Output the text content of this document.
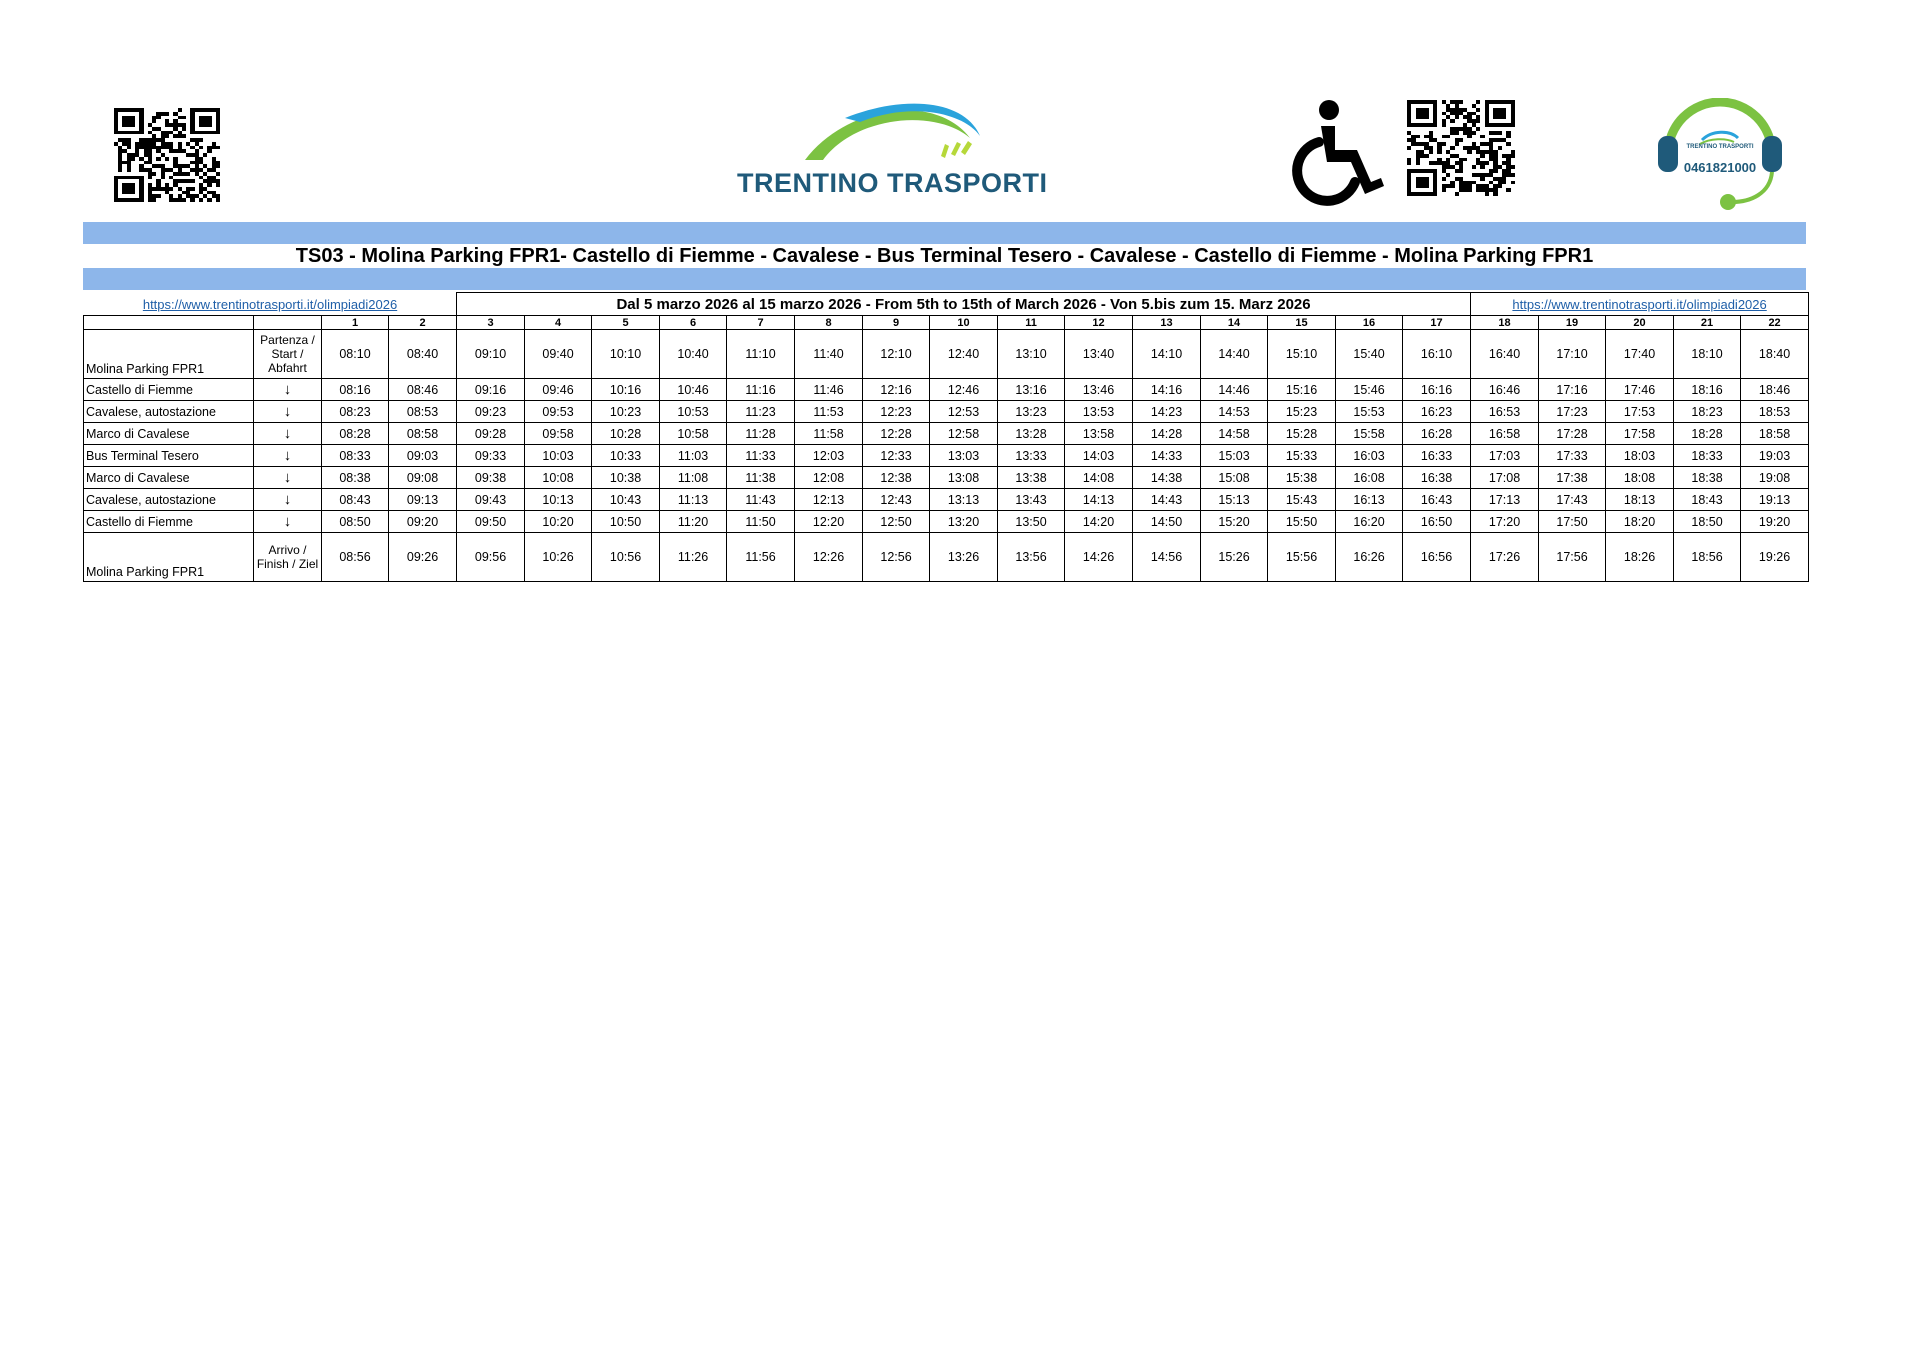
TRENTINO TRASPORTI
TRENTINO TRASPORTI
0461821000
TS03 - Molina Parking FPR1- Castello di Fiemme - Cavalese - Bus Terminal Tesero - Cavalese - Castello di Fiemme - Molina Parking FPR1
https://www.trentinotrasporti.it/olimpiadi2026				Dal 5 marzo 2026 al 15 marzo 2026 - From 5th to 15th of March 2026 - Von 5.bis zum 15. Marz 2026															https://www.trentinotrasporti.it/olimpiadi2026				
		1	2	3	4	5	6	7	8	9	10	11	12	13	14	15	16	17	18	19	20	21	22
Molina Parking FPR1	Partenza / Start / Abfahrt	08:10	08:40	09:10	09:40	10:10	10:40	11:10	11:40	12:10	12:40	13:10	13:40	14:10	14:40	15:10	15:40	16:10	16:40	17:10	17:40	18:10	18:40
Castello di Fiemme	↓	08:16	08:46	09:16	09:46	10:16	10:46	11:16	11:46	12:16	12:46	13:16	13:46	14:16	14:46	15:16	15:46	16:16	16:46	17:16	17:46	18:16	18:46
Cavalese, autostazione	↓	08:23	08:53	09:23	09:53	10:23	10:53	11:23	11:53	12:23	12:53	13:23	13:53	14:23	14:53	15:23	15:53	16:23	16:53	17:23	17:53	18:23	18:53
Marco di Cavalese	↓	08:28	08:58	09:28	09:58	10:28	10:58	11:28	11:58	12:28	12:58	13:28	13:58	14:28	14:58	15:28	15:58	16:28	16:58	17:28	17:58	18:28	18:58
Bus Terminal Tesero	↓	08:33	09:03	09:33	10:03	10:33	11:03	11:33	12:03	12:33	13:03	13:33	14:03	14:33	15:03	15:33	16:03	16:33	17:03	17:33	18:03	18:33	19:03
Marco di Cavalese	↓	08:38	09:08	09:38	10:08	10:38	11:08	11:38	12:08	12:38	13:08	13:38	14:08	14:38	15:08	15:38	16:08	16:38	17:08	17:38	18:08	18:38	19:08
Cavalese, autostazione	↓	08:43	09:13	09:43	10:13	10:43	11:13	11:43	12:13	12:43	13:13	13:43	14:13	14:43	15:13	15:43	16:13	16:43	17:13	17:43	18:13	18:43	19:13
Castello di Fiemme	↓	08:50	09:20	09:50	10:20	10:50	11:20	11:50	12:20	12:50	13:20	13:50	14:20	14:50	15:20	15:50	16:20	16:50	17:20	17:50	18:20	18:50	19:20
Molina Parking FPR1	Arrivo / Finish / Ziel	08:56	09:26	09:56	10:26	10:56	11:26	11:56	12:26	12:56	13:26	13:56	14:26	14:56	15:26	15:56	16:26	16:56	17:26	17:56	18:26	18:56	19:26
